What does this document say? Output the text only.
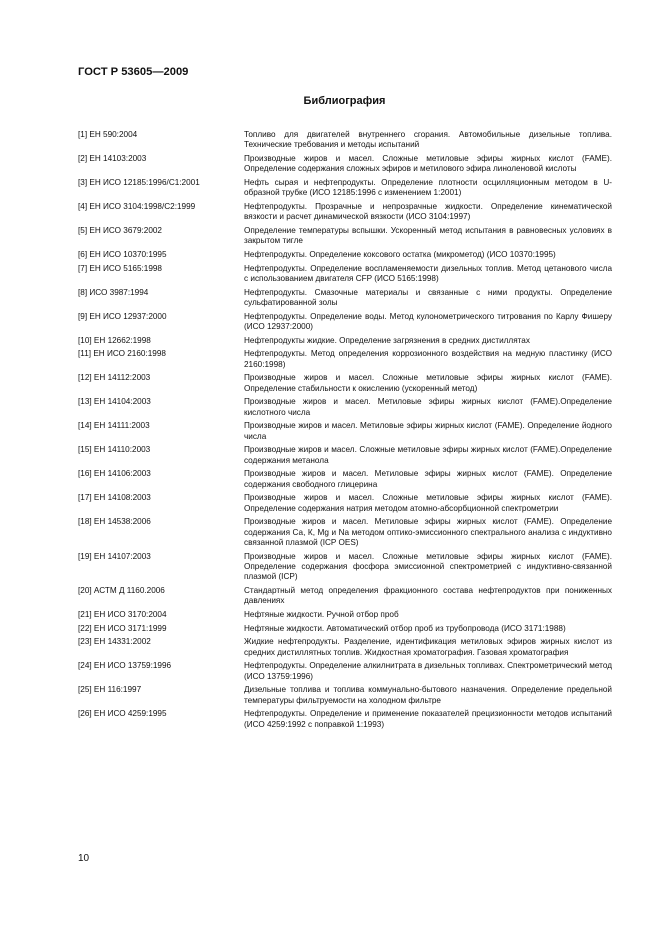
ГОСТ Р 53605—2009
Библиография
[1] ЕН 590:2004	Топливо для двигателей внутреннего сгорания. Автомобильные дизельные топлива. Технические требования и методы испытаний
[2] ЕН 14103:2003	Производные жиров и масел. Сложные метиловые эфиры жирных кислот (FAME). Определение содержания сложных эфиров и метилового эфира линоленовой кислоты
[3] ЕН ИСО 12185:1996/С1:2001	Нефть сырая и нефтепродукты. Определение плотности осцилляционным методом в U-образной трубке (ИСО 12185:1996 с изменением 1:2001)
[4] ЕН ИСО 3104:1998/С2:1999	Нефтепродукты. Прозрачные и непрозрачные жидкости. Определение кинематической вязкости и расчет динамической вязкости (ИСО 3104:1997)
[5] ЕН ИСО 3679:2002	Определение температуры вспышки. Ускоренный метод испытания в равновесных условиях в закрытом тигле
[6] ЕН ИСО 10370:1995	Нефтепродукты. Определение коксового остатка (микрометод) (ИСО 10370:1995)
[7] ЕН ИСО 5165:1998	Нефтепродукты. Определение воспламеняемости дизельных топлив. Метод цетанового числа с использованием двигателя CFP (ИСО 5165:1998)
[8] ИСО 3987:1994	Нефтепродукты. Смазочные материалы и связанные с ними продукты. Определение сульфатированной золы
[9] ЕН ИСО 12937:2000	Нефтепродукты. Определение воды. Метод кулонометрического титрования по Карлу Фишеру (ИСО 12937:2000)
[10] ЕН 12662:1998	Нефтепродукты жидкие. Определение загрязнения в средних дистиллятах
[11] ЕН ИСО 2160:1998	Нефтепродукты. Метод определения коррозионного воздействия на медную пластинку (ИСО 2160:1998)
[12] ЕН 14112:2003	Производные жиров и масел. Сложные метиловые эфиры жирных кислот (FAME). Определение стабильности к окислению (ускоренный метод)
[13] ЕН 14104:2003	Производные жиров и масел. Метиловые эфиры жирных кислот (FAME).Определение кислотного числа
[14] ЕН 14111:2003	Производные жиров и масел. Метиловые эфиры жирных кислот (FAME). Определение йодного числа
[15] ЕН 14110:2003	Производные жиров и масел. Сложные метиловые эфиры жирных кислот (FAME).Определение содержания метанола
[16] ЕН 14106:2003	Производные жиров и масел. Метиловые эфиры жирных кислот (FAME). Определение содержания свободного глицерина
[17] ЕН 14108:2003	Производные жиров и масел. Сложные метиловые эфиры жирных кислот (FAME). Определение содержания натрия методом атомно-абсорбционной спектрометрии
[18] ЕН 14538:2006	Производные жиров и масел. Метиловые эфиры жирных кислот (FAME). Определение содержания Са, К, Mg и Na методом оптико-эмиссионного спектрального анализа с индуктивно связанной плазмой (ICP OES)
[19] ЕН 14107:2003	Производные жиров и масел. Сложные метиловые эфиры жирных кислот (FAME). Определение содержания фосфора эмиссионной спектрометрией с индуктивно-связанной плазмой (ICP)
[20] АСТМ Д 1160.2006	Стандартный метод определения фракционного состава нефтепродуктов при пониженных давлениях
[21] ЕН ИСО 3170:2004	Нефтяные жидкости. Ручной отбор проб
[22] ЕН ИСО 3171:1999	Нефтяные жидкости. Автоматический отбор проб из трубопровода (ИСО 3171:1988)
[23] ЕН 14331:2002	Жидкие нефтепродукты. Разделение, идентификация метиловых эфиров жирных кислот из средних дистиллятных топлив. Жидкостная хроматография. Газовая хроматография
[24] ЕН ИСО 13759:1996	Нефтепродукты. Определение алкилнитрата в дизельных топливах. Спектрометрический метод (ИСО 13759:1996)
[25] ЕН 116:1997	Дизельные топлива и топлива коммунально-бытового назначения. Определение предельной температуры фильтруемости на холодном фильтре
[26] ЕН ИСО 4259:1995	Нефтепродукты. Определение и применение показателей прецизионности методов испытаний (ИСО 4259:1992 с поправкой 1:1993)
10
